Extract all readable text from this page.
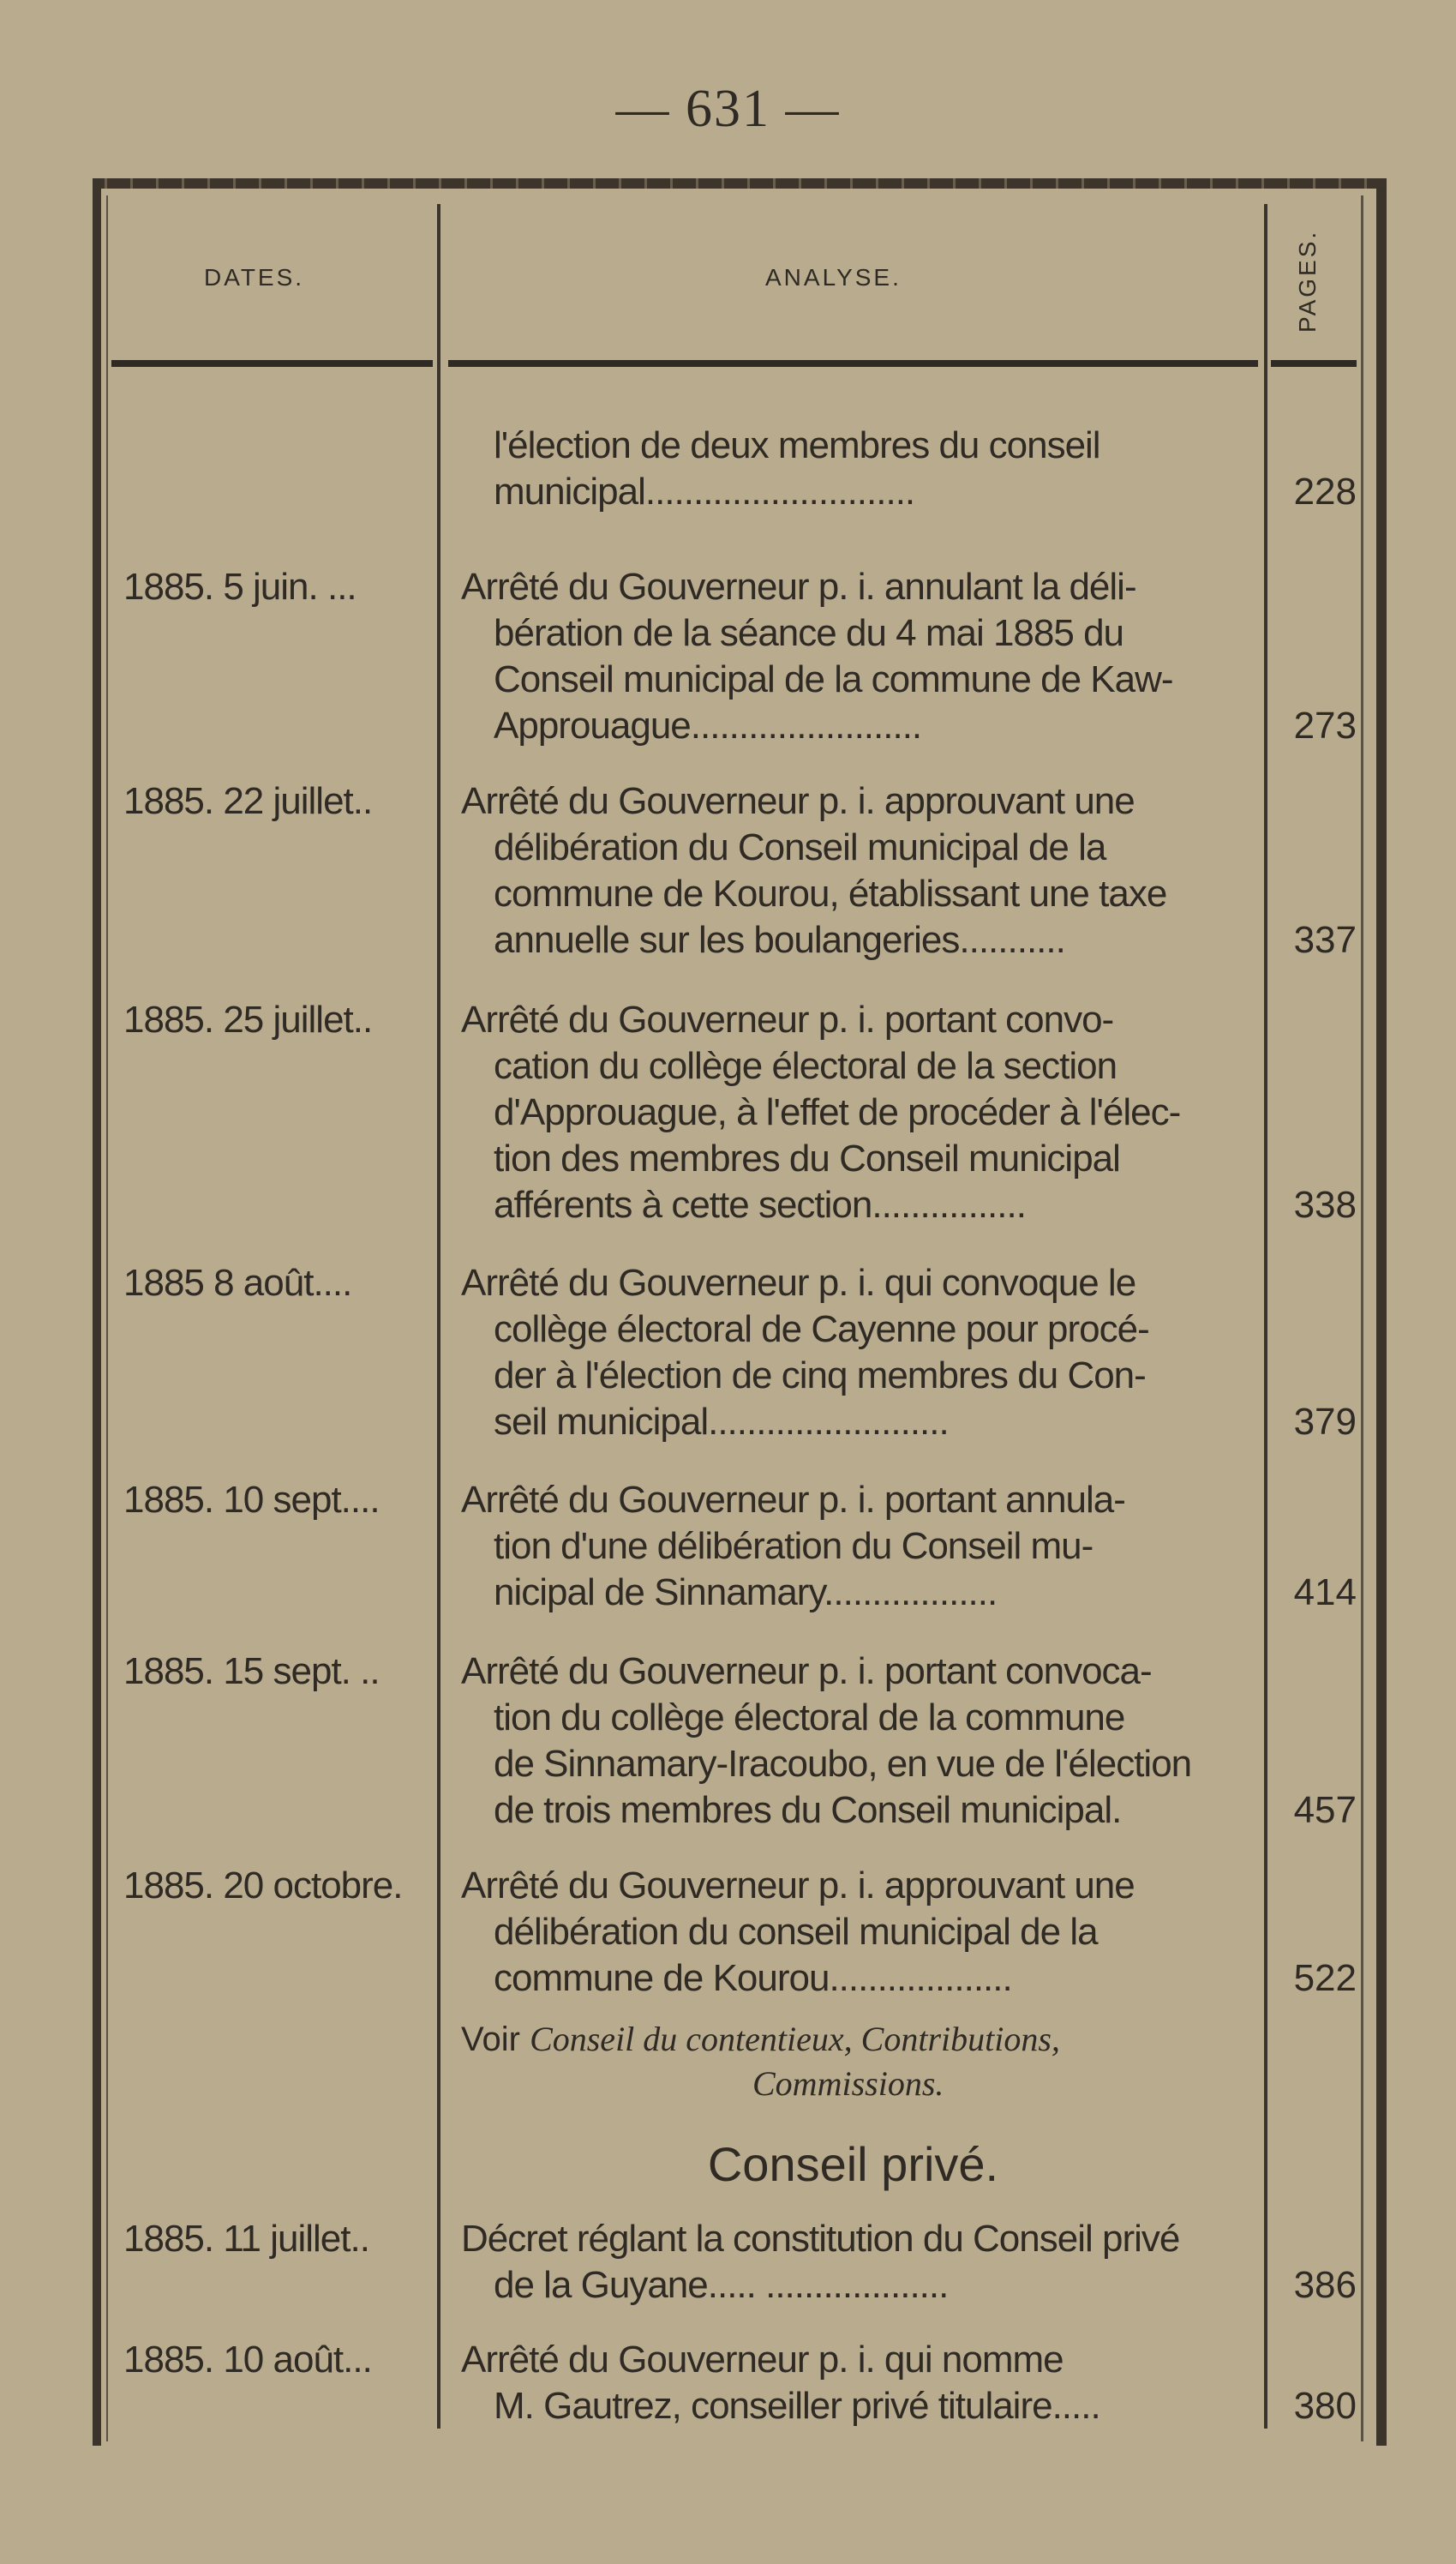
— 631 —
DATES.	ANALYSE.	PAGES.
l'élection de deux membres du conseil
municipal............................	228
1885. 5 juin. ...	Arrêté du Gouverneur p. i. annulant la déli-
bération de la séance du 4 mai 1885 du
Conseil municipal de la commune de Kaw-
Approuague........................	273
1885. 22 juillet..	Arrêté du Gouverneur p. i. approuvant une
délibération du Conseil municipal de la
commune de Kourou, établissant une taxe
annuelle sur les boulangeries...........	337
1885. 25 juillet..	Arrêté du Gouverneur p. i. portant convo-
cation du collège électoral de la section
d'Approuague, à l'effet de procéder à l'élec-
tion des membres du Conseil municipal
afférents à cette section................	338
1885 8 août....	Arrêté du Gouverneur p. i. qui convoque le
collège électoral de Cayenne pour procé-
der à l'élection de cinq membres du Con-
seil municipal.........................	379
1885. 10 sept....	Arrêté du Gouverneur p. i. portant annula-
tion d'une délibération du Conseil mu-
nicipal de Sinnamary..................	414
1885. 15 sept. ..	Arrêté du Gouverneur p. i. portant convoca-
tion du collège électoral de la commune
de Sinnamary-Iracoubo, en vue de l'élection
de trois membres du Conseil municipal.	457
1885. 20 octobre.	Arrêté du Gouverneur p. i. approuvant une
délibération du conseil municipal de la
commune de Kourou...................	522
Voir Conseil du contentieux, Contributions,
Commissions.
Conseil privé.
1885. 11 juillet..	Décret réglant la constitution du Conseil privé
de la Guyane..... ...................	386
1885. 10 août...	Arrêté du Gouverneur p. i. qui nomme
M. Gautrez, conseiller privé titulaire.....	380
